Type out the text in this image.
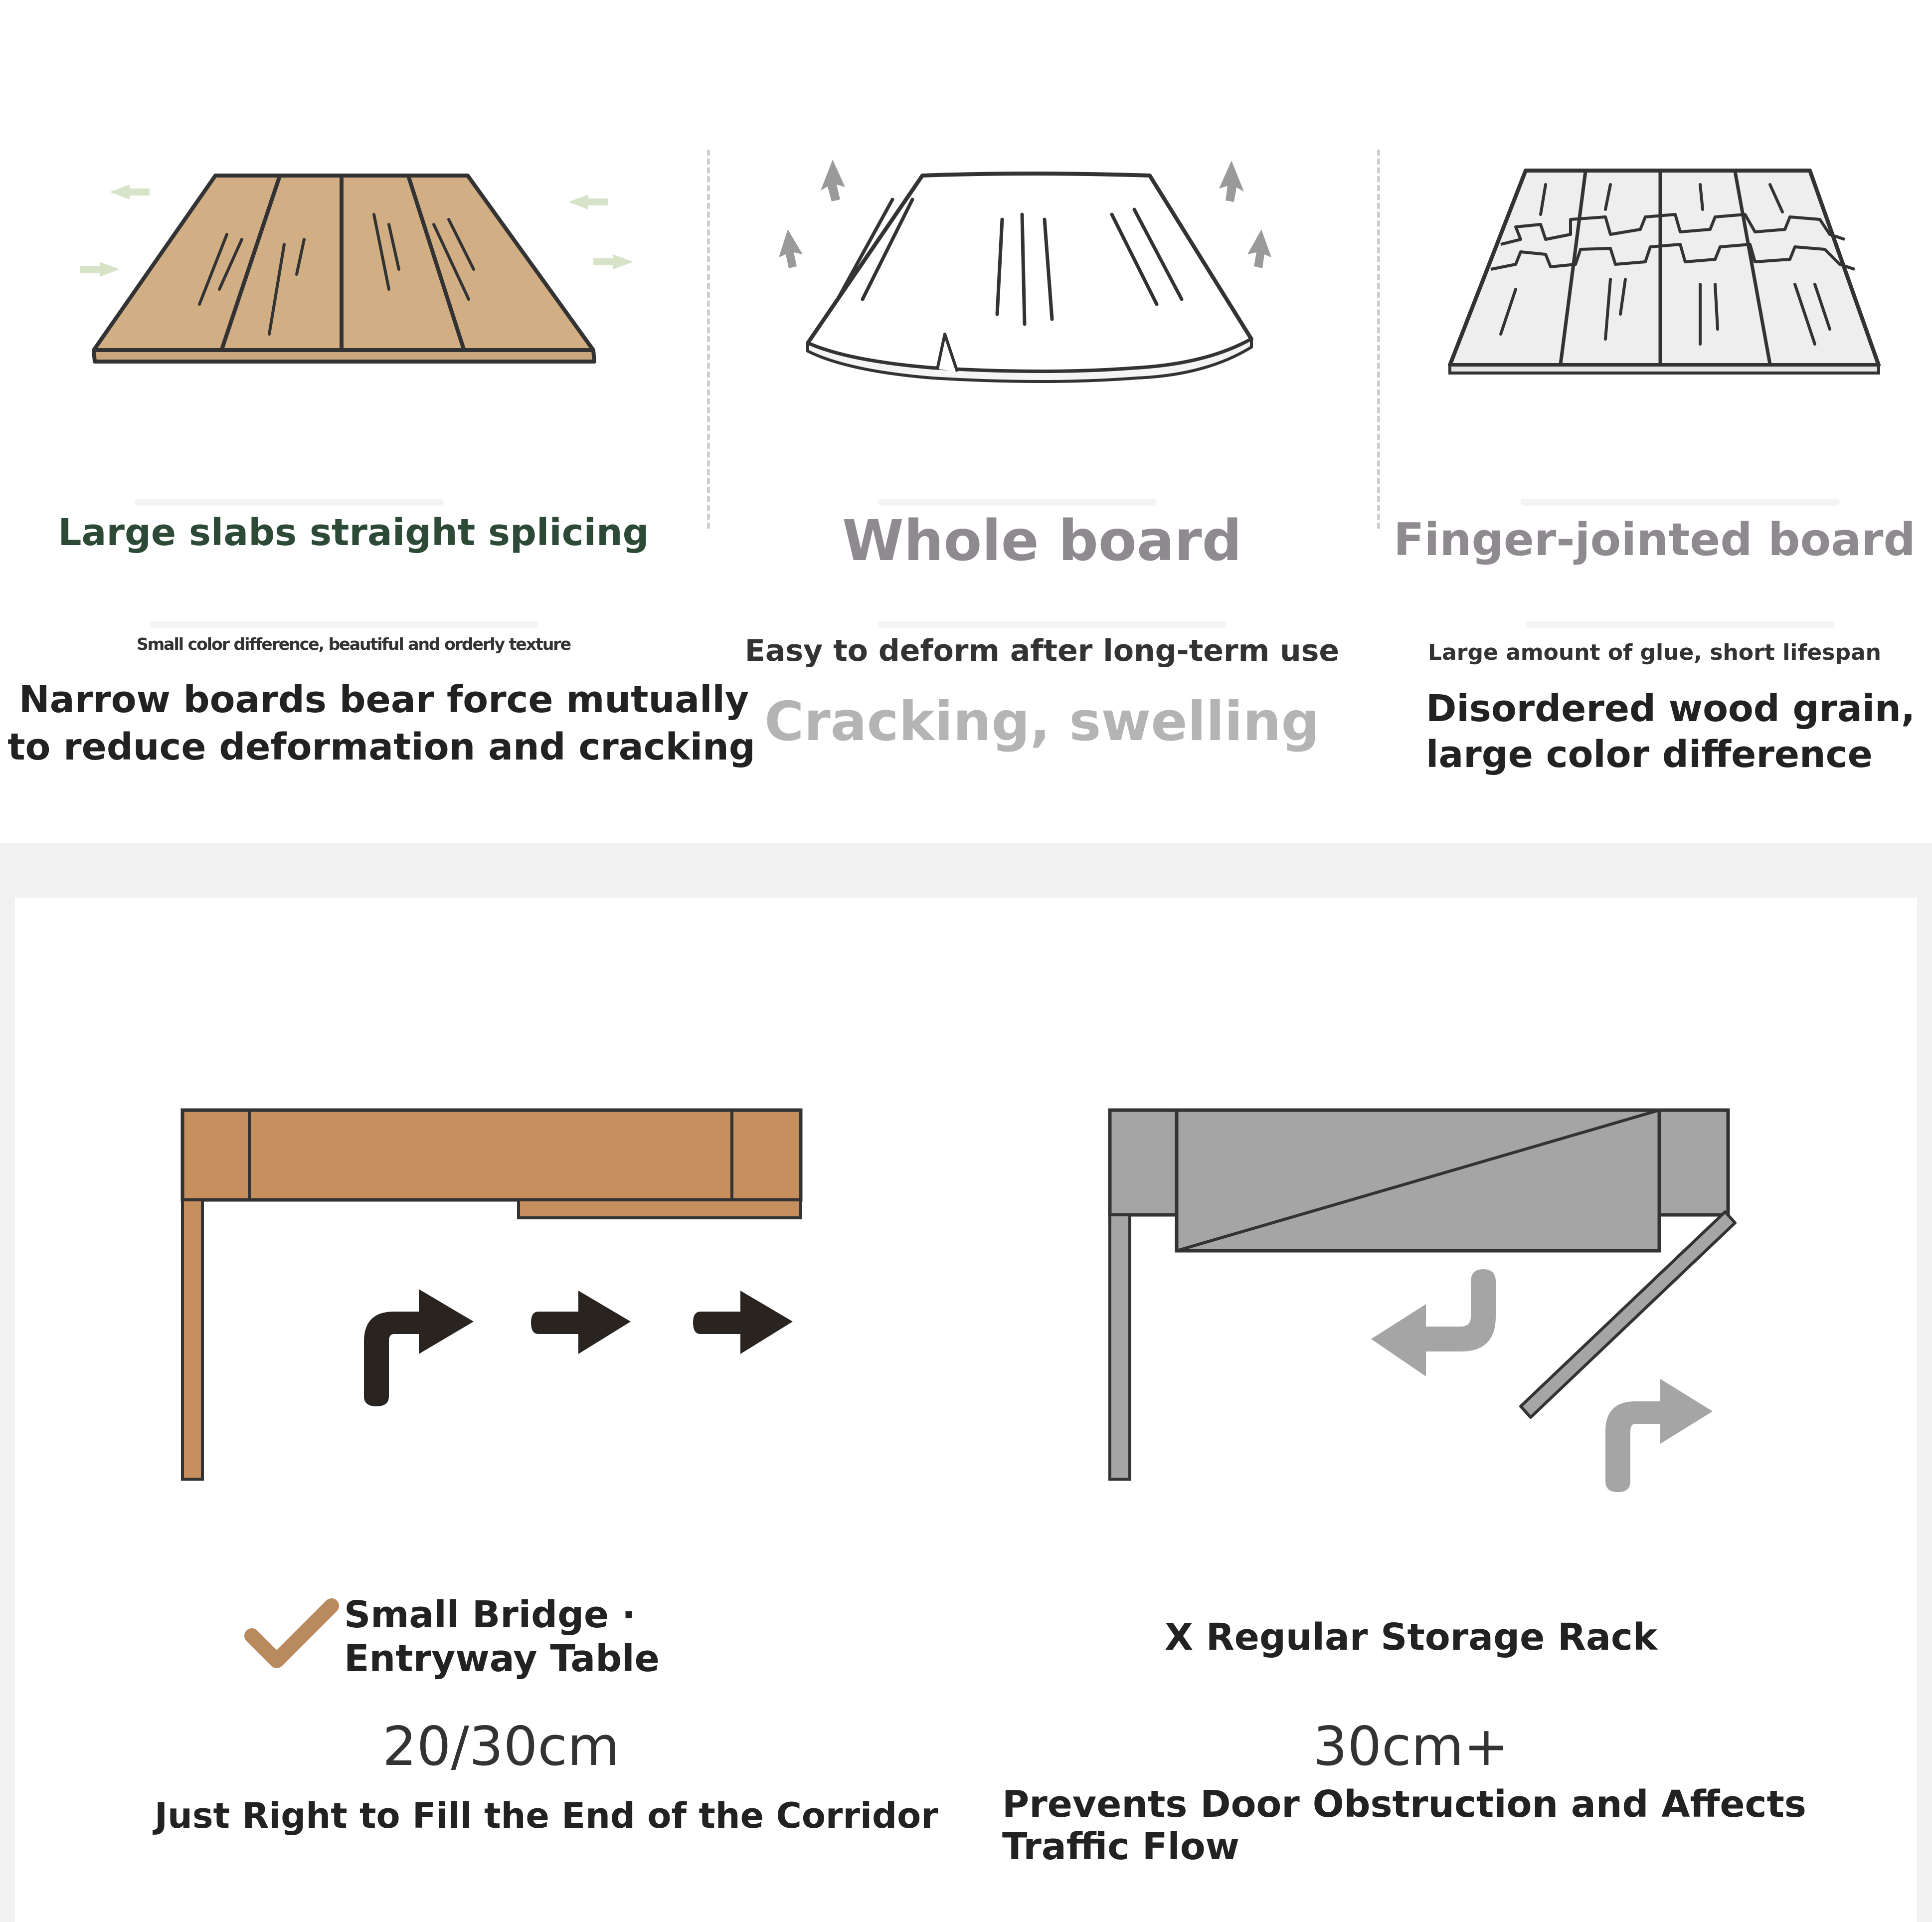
Large slabs straight splicing
Small color difference, beautiful and orderly texture
Narrow boards bear force mutually
to reduce deformation and cracking
Whole board
Easy to deform after long-term use
Cracking, swelling
Finger-jointed board
Large amount of glue, short lifespan
Disordered wood grain,
large color difference
Small Bridge ·
Entryway Table
20/30cm
Just Right to Fill the End of the Corridor
X Regular Storage Rack
30cm+
Prevents Door Obstruction and Affects
Traffic Flow
